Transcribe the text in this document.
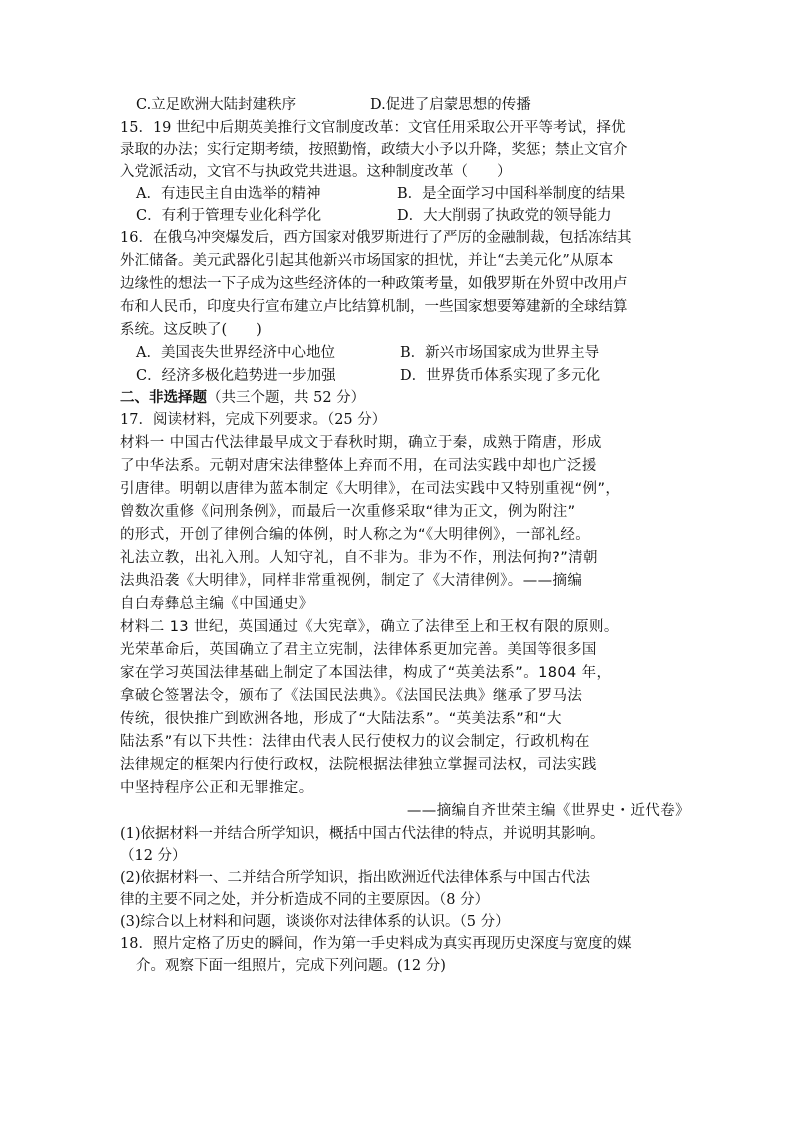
C.立足欧洲大陆封建秩序	D.促进了启蒙思想的传播
15．19 世纪中后期英美推行文官制度改革：文官任用采取公开平等考试，择优
录取的办法；实行定期考绩，按照勤惰，政绩大小予以升降，奖惩；禁止文官介
入党派活动，文官不与执政党共进退。这种制度改革（　　）
A．有违民主自由选举的精神	B．是全面学习中国科举制度的结果
C．有利于管理专业化科学化	D．大大削弱了执政党的领导能力
16．在俄乌冲突爆发后，西方国家对俄罗斯进行了严厉的金融制裁，包括冻结其
外汇储备。美元武器化引起其他新兴市场国家的担忧，并让“去美元化”从原本
边缘性的想法一下子成为这些经济体的一种政策考量，如俄罗斯在外贸中改用卢
布和人民币，印度央行宣布建立卢比结算机制，一些国家想要筹建新的全球结算
系统。这反映了(　　)
A．美国丧失世界经济中心地位	B．新兴市场国家成为世界主导
C．经济多极化趋势进一步加强	D．世界货币体系实现了多元化
二、非选择题（共三个题，共 52 分）
17．阅读材料，完成下列要求。（25 分）
材料一 中国古代法律最早成文于春秋时期，确立于秦，成熟于隋唐，形成
了中华法系。元朝对唐宋法律整体上弃而不用，在司法实践中却也广泛援
引唐律。明朝以唐律为蓝本制定《大明律》，在司法实践中又特别重视“例”，
曾数次重修《问刑条例》，而最后一次重修采取“律为正文，例为附注”
的形式，开创了律例合编的体例，时人称之为“《大明律例》，一部礼经。
礼法立教，出礼入刑。人知守礼，自不非为。非为不作，刑法何拘?”清朝
法典沿袭《大明律》，同样非常重视例，制定了《大清律例》。——摘编
自白寿彝总主编《中国通史》
材料二 13 世纪，英国通过《大宪章》，确立了法律至上和王权有限的原则。
光荣革命后，英国确立了君主立宪制，法律体系更加完善。美国等很多国
家在学习英国法律基础上制定了本国法律，构成了“英美法系”。1804 年，
拿破仑签署法令，颁布了《法国民法典》。《法国民法典》继承了罗马法
传统，很快推广到欧洲各地，形成了“大陆法系”。“英美法系”和“大
陆法系”有以下共性：法律由代表人民行使权力的议会制定，行政机构在
法律规定的框架内行使行政权，法院根据法律独立掌握司法权，司法实践
中坚持程序公正和无罪推定。
——摘编自齐世荣主编《世界史・近代卷》
(1)依据材料一并结合所学知识，概括中国古代法律的特点，并说明其影响。
（12 分）
(2)依据材料一、二并结合所学知识，指出欧洲近代法律体系与中国古代法
律的主要不同之处，并分析造成不同的主要原因。（8 分）
(3)综合以上材料和问题，谈谈你对法律体系的认识。（5 分）
18．照片定格了历史的瞬间，作为第一手史料成为真实再现历史深度与宽度的媒
介。观察下面一组照片，完成下列问题。(12 分)
